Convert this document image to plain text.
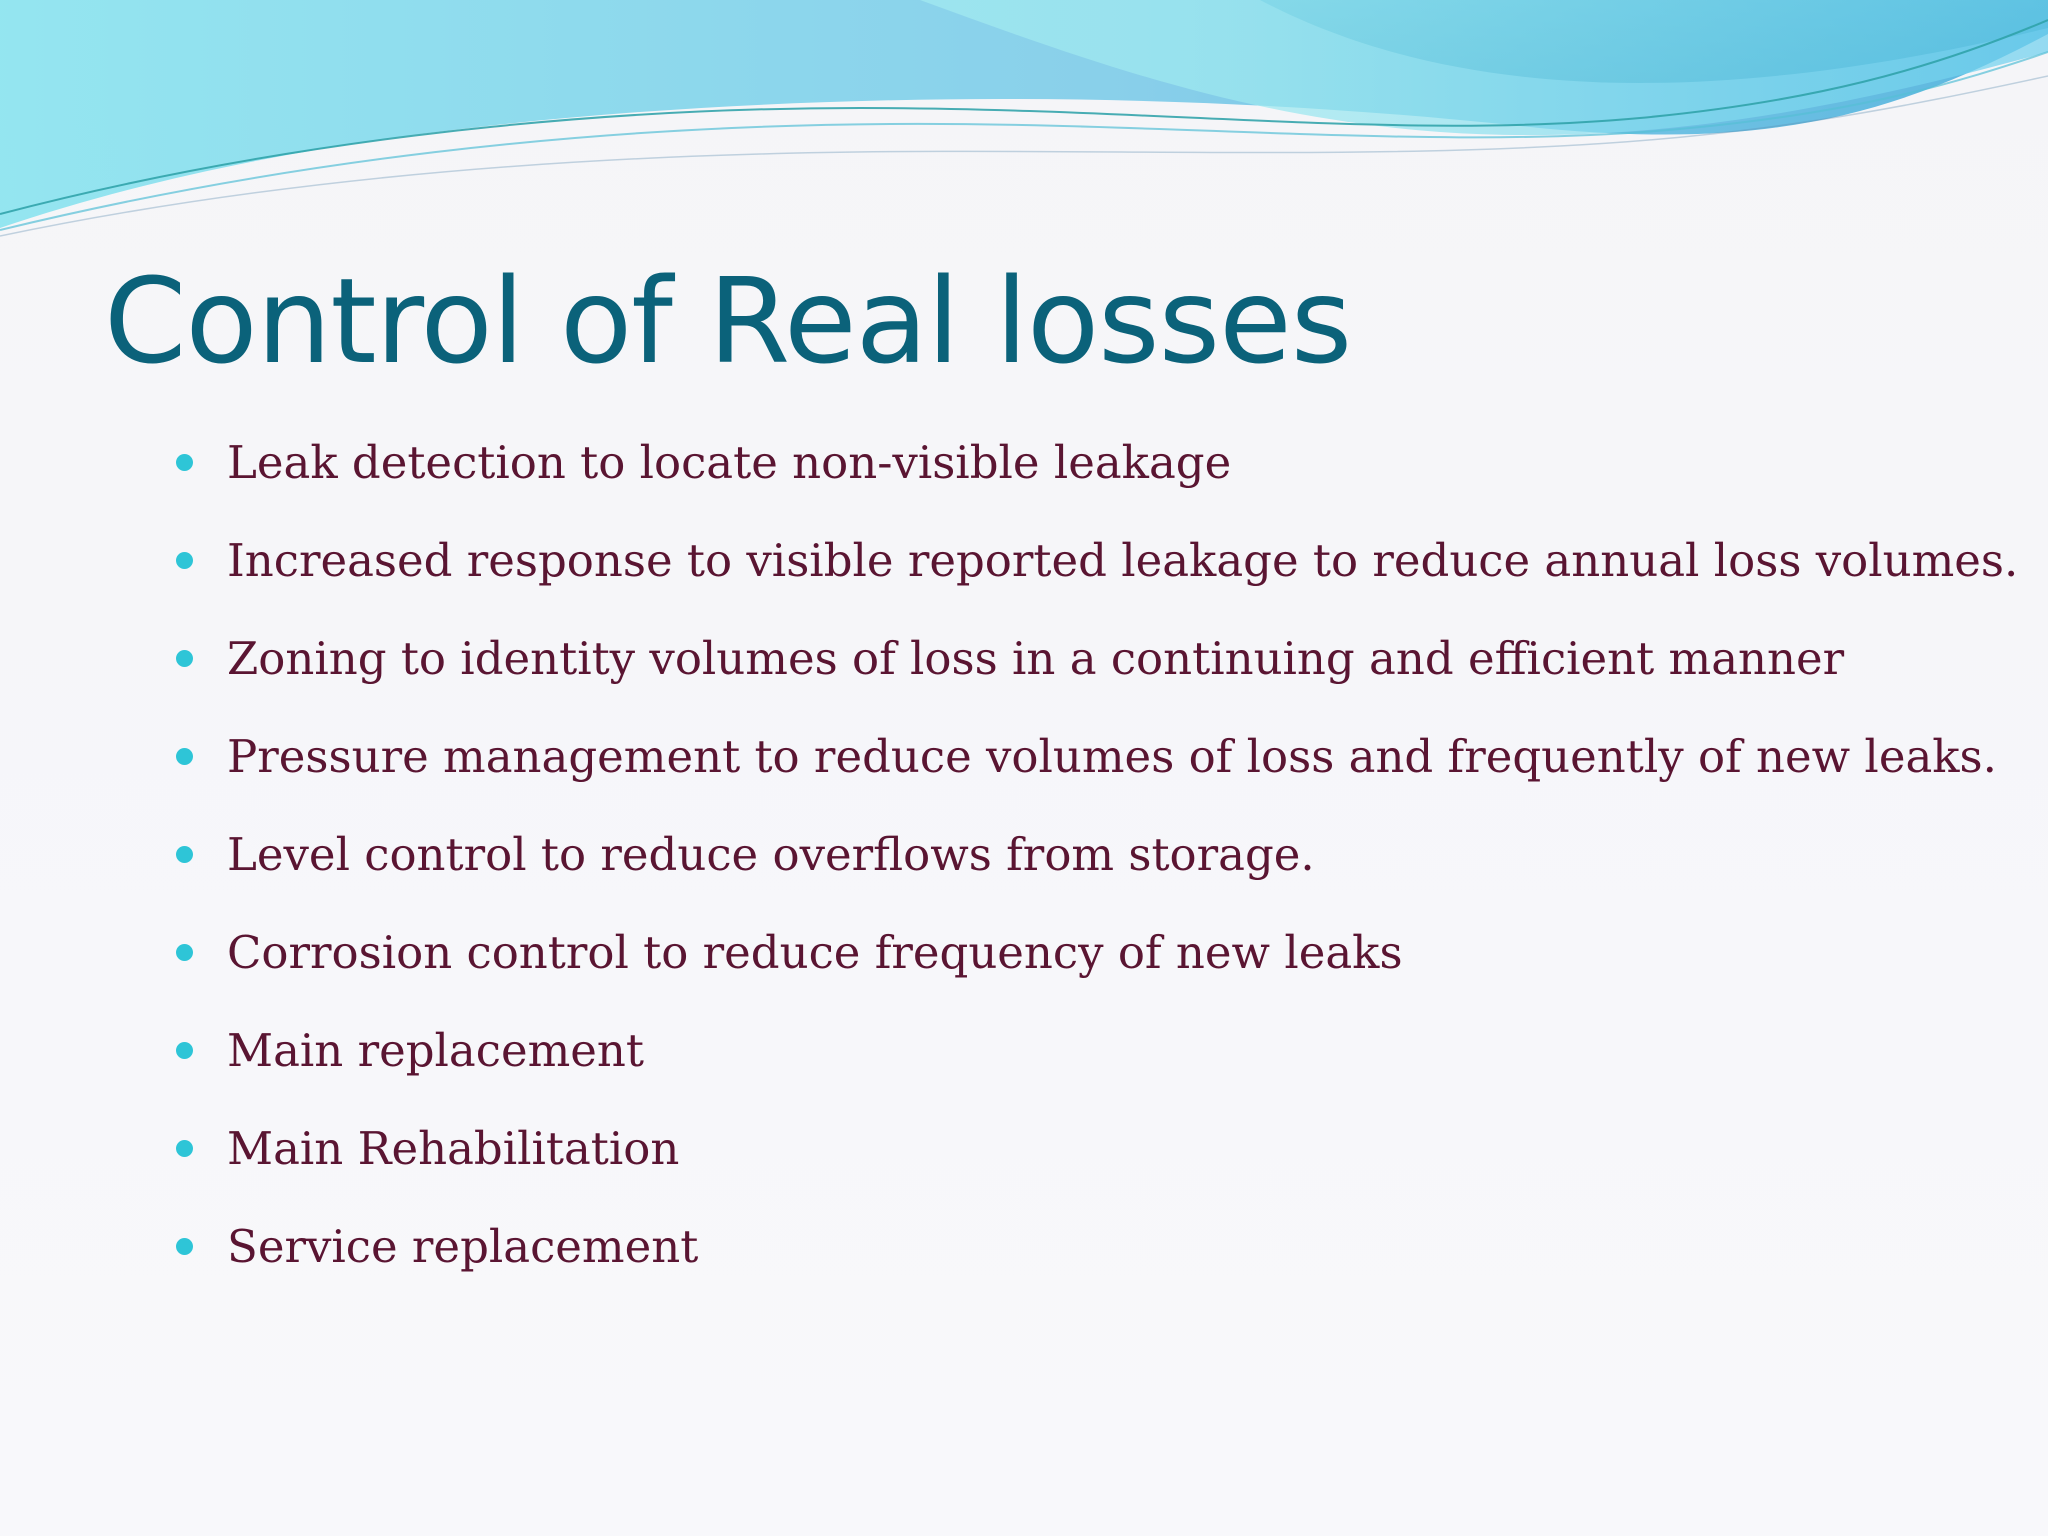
Control of Real losses
Leak detection to locate non-visible leakage
Increased response to visible reported leakage to reduce annual loss volumes.
Zoning to identity volumes of loss in a continuing and efficient manner
Pressure management to reduce volumes of loss and frequently of new leaks.
Level control to reduce overflows from storage.
Corrosion control to reduce frequency of new leaks
Main replacement
Main Rehabilitation
Service replacement
